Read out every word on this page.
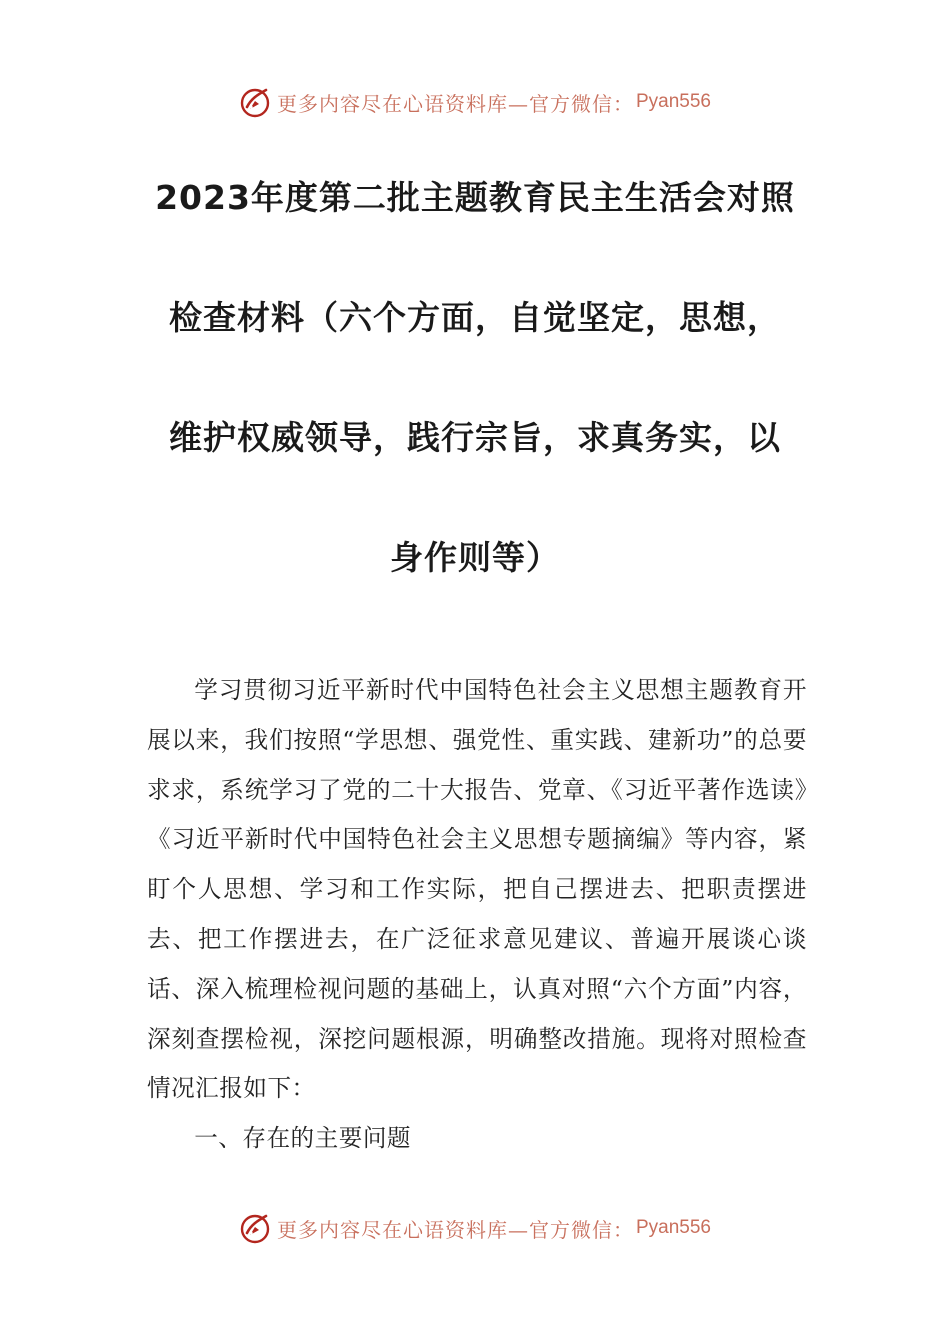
更多内容尽在心语资料库—官方微信： Pyan556
2023年度第二批主题教育民主生活会对照
检查材料（六个方面，自觉坚定，思想，
维护权威领导，践行宗旨，求真务实，以
身作则等）

学习贯彻习近平新时代中国特色社会主义思想主题教育开展以来，我们按照“学思想、强党性、重实践、建新功”的总要求求，系统学习了党的二十大报告、党章、《习近平著作选读》《习近平新时代中国特色社会主义思想专题摘编》等内容，紧盯个人思想、学习和工作实际，把自己摆进去、把职责摆进去、把工作摆进去，在广泛征求意见建议、普遍开展谈心谈话、深入梳理检视问题的基础上，认真对照“六个方面”内容，深刻查摆检视，深挖问题根源，明确整改措施。现将对照检查情况汇报如下：

一、存在的主要问题

更多内容尽在心语资料库—官方微信： Pyan556
